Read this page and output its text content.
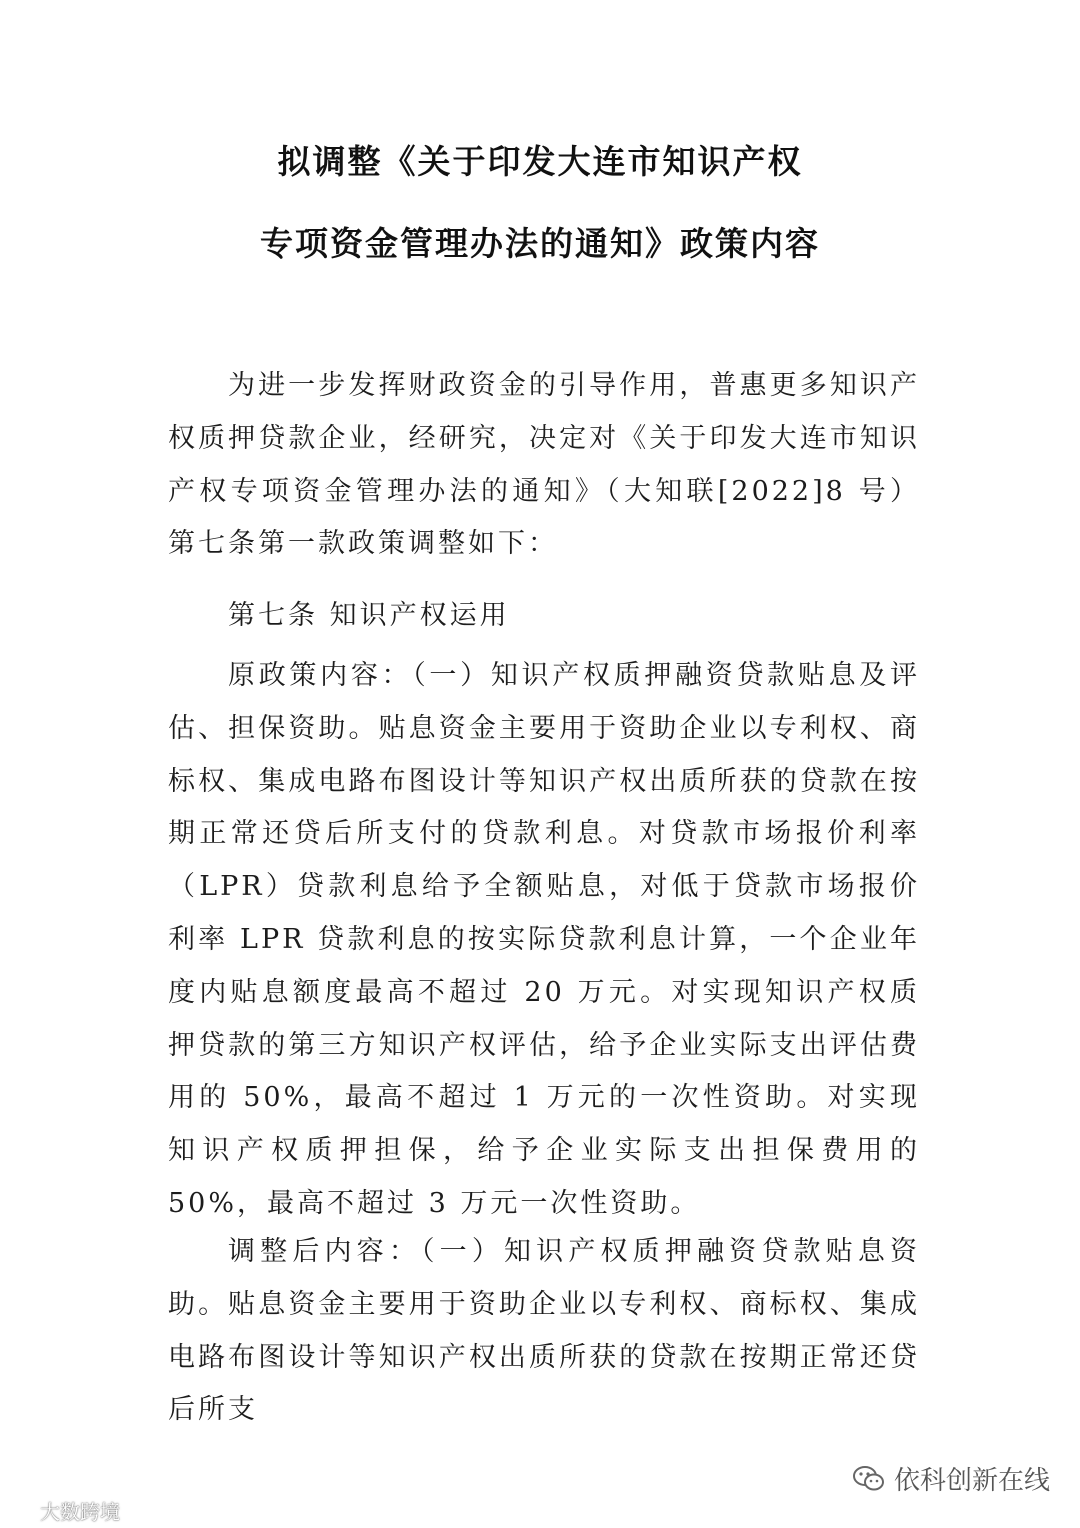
拟调整《关于印发大连市知识产权
专项资金管理办法的通知》政策内容

为进一步发挥财政资金的引导作用，普惠更多知识产权质押贷款企业，经研究，决定对《关于印发大连市知识产权专项资金管理办法的通知》（大知联[2022]8 号）第七条第一款政策调整如下：

第七条 知识产权运用

原政策内容：（一）知识产权质押融资贷款贴息及评估、担保资助。贴息资金主要用于资助企业以专利权、商标权、集成电路布图设计等知识产权出质所获的贷款在按期正常还贷后所支付的贷款利息。对贷款市场报价利率（LPR）贷款利息给予全额贴息，对低于贷款市场报价利率 LPR 贷款利息的按实际贷款利息计算，一个企业年度内贴息额度最高不超过 20 万元。对实现知识产权质押贷款的第三方知识产权评估，给予企业实际支出评估费用的 50%，最高不超过 1 万元的一次性资助。对实现知识产权质押担保，给予企业实际支出担保费用的 50%，最高不超过 3 万元一次性资助。

调整后内容：（一）知识产权质押融资贷款贴息资助。贴息资金主要用于资助企业以专利权、商标权、集成电路布图设计等知识产权出质所获的贷款在按期正常还贷后所支

依科创新在线
大数跨境
